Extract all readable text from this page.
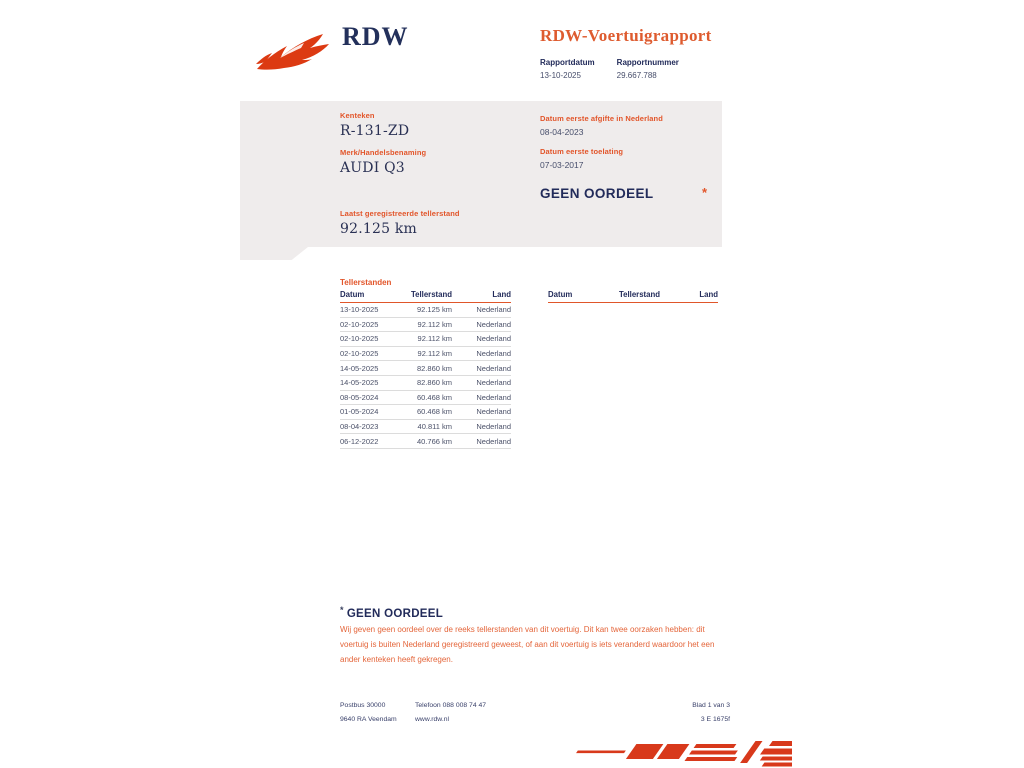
RDW	RDW-Voertuigrapport
Rapportdatum
13-10-2025
Rapportnummer
29.667.788
Kenteken
R-131-ZD
Merk/Handelsbenaming
AUDI Q3
Laatst geregistreerde tellerstand
92.125 km
Datum eerste afgifte in Nederland
08-04-2023
Datum eerste toelating
07-03-2017
GEEN OORDEEL	*
Tellerstanden
Datum	Tellerstand	Land
13-10-2025	92.125 km	Nederland
02-10-2025	92.112 km	Nederland
02-10-2025	92.112 km	Nederland
02-10-2025	92.112 km	Nederland
14-05-2025	82.860 km	Nederland
14-05-2025	82.860 km	Nederland
08-05-2024	60.468 km	Nederland
01-05-2024	60.468 km	Nederland
08-04-2023	40.811 km	Nederland
06-12-2022	40.766 km	Nederland
Datum	Tellerstand	Land
* GEEN OORDEEL
Wij geven geen oordeel over de reeks tellerstanden van dit voertuig. Dit kan twee oorzaken hebben: dit voertuig is buiten Nederland geregistreerd geweest, of aan dit voertuig is iets veranderd waardoor het een ander kenteken heeft gekregen.
Postbus 30000	Telefoon 088 008 74 47	Blad 1 van 3
9640 RA Veendam	www.rdw.nl	3 E 1675f
